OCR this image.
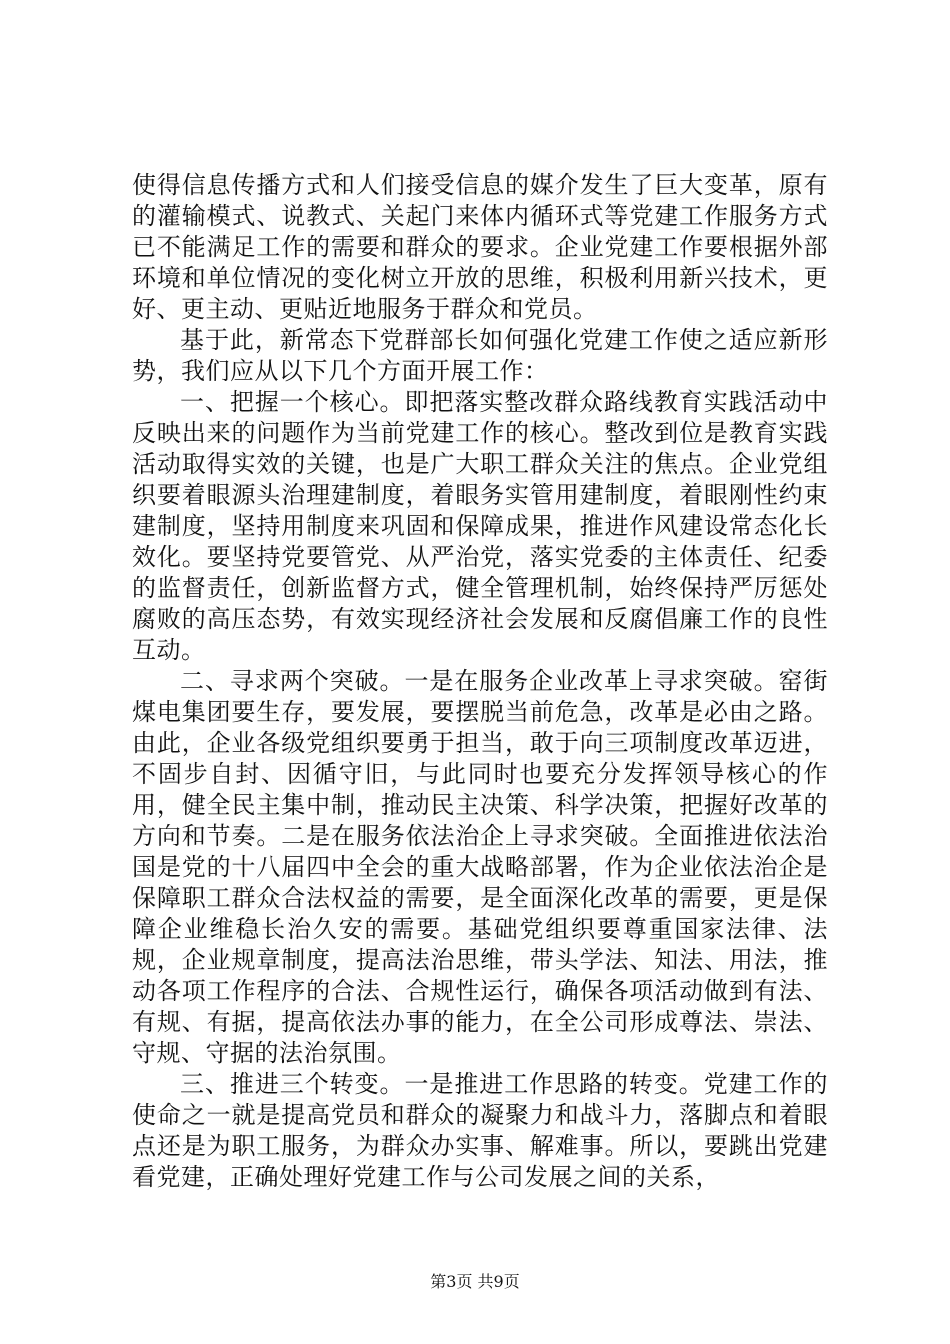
使得信息传播方式和人们接受信息的媒介发生了巨大变革，原有的灌输模式、说教式、关起门来体内循环式等党建工作服务方式已不能满足工作的需要和群众的要求。企业党建工作要根据外部环境和单位情况的变化树立开放的思维，积极利用新兴技术，更好、更主动、更贴近地服务于群众和党员。

基于此，新常态下党群部长如何强化党建工作使之适应新形势，我们应从以下几个方面开展工作：

一、把握一个核心。即把落实整改群众路线教育实践活动中反映出来的问题作为当前党建工作的核心。整改到位是教育实践活动取得实效的关键，也是广大职工群众关注的焦点。企业党组织要着眼源头治理建制度，着眼务实管用建制度，着眼刚性约束建制度，坚持用制度来巩固和保障成果，推进作风建设常态化长效化。要坚持党要管党、从严治党，落实党委的主体责任、纪委的监督责任，创新监督方式，健全管理机制，始终保持严厉惩处腐败的高压态势，有效实现经济社会发展和反腐倡廉工作的良性互动。

二、寻求两个突破。一是在服务企业改革上寻求突破。窑街煤电集团要生存，要发展，要摆脱当前危急，改革是必由之路。由此，企业各级党组织要勇于担当，敢于向三项制度改革迈进，不固步自封、因循守旧，与此同时也要充分发挥领导核心的作用，健全民主集中制，推动民主决策、科学决策，把握好改革的方向和节奏。二是在服务依法治企上寻求突破。全面推进依法治国是党的十八届四中全会的重大战略部署，作为企业依法治企是保障职工群众合法权益的需要，是全面深化改革的需要，更是保障企业维稳长治久安的需要。基础党组织要尊重国家法律、法规，企业规章制度，提高法治思维，带头学法、知法、用法，推动各项工作程序的合法、合规性运行，确保各项活动做到有法、有规、有据，提高依法办事的能力，在全公司形成尊法、崇法、守规、守据的法治氛围。

三、推进三个转变。一是推进工作思路的转变。党建工作的使命之一就是提高党员和群众的凝聚力和战斗力，落脚点和着眼点还是为职工服务，为群众办实事、解难事。所以，要跳出党建看党建，正确处理好党建工作与公司发展之间的关系，

第3页 共9页
